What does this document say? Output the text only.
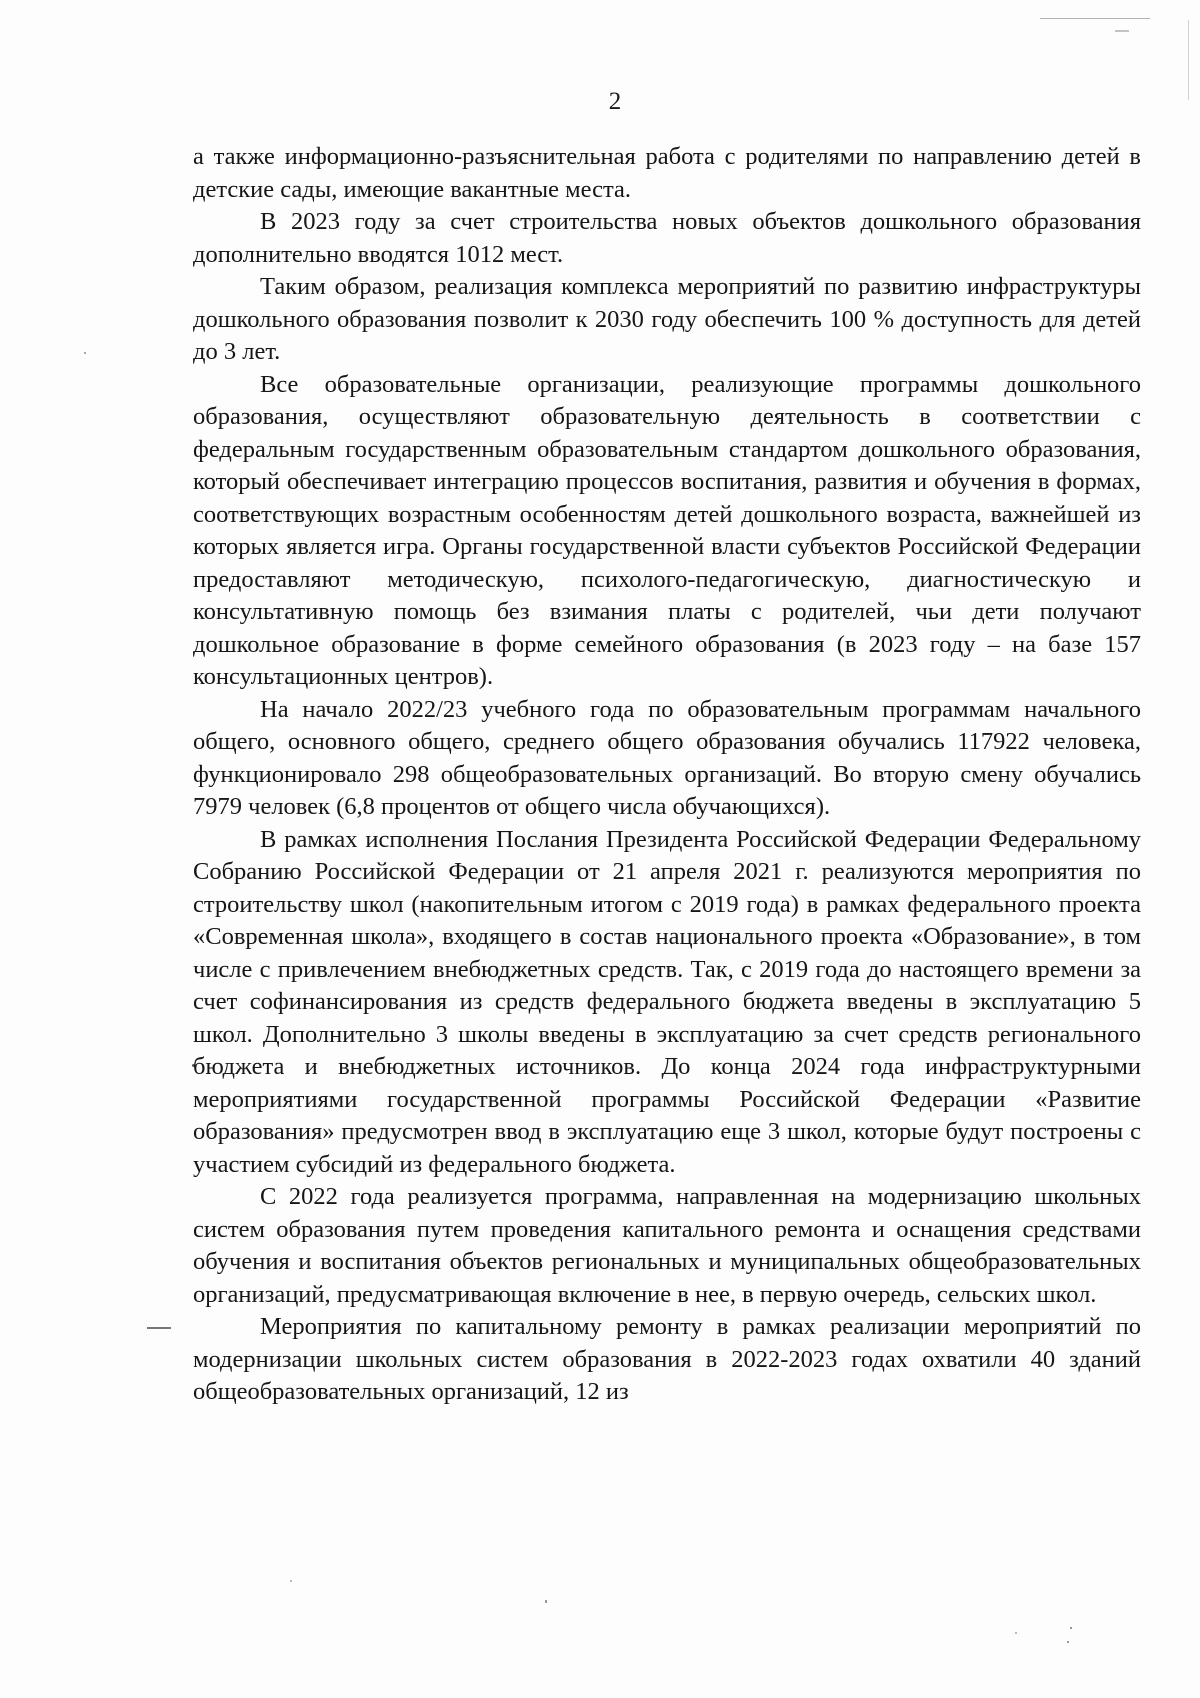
2

а также информационно-разъяснительная работа с родителями по направлению детей в детские сады, имеющие вакантные места.

В 2023 году за счет строительства новых объектов дошкольного образования дополнительно вводятся 1012 мест.

Таким образом, реализация комплекса мероприятий по развитию инфраструктуры дошкольного образования позволит к 2030 году обеспечить 100 % доступность для детей до 3 лет.

Все образовательные организации, реализующие программы дошкольного образования, осуществляют образовательную деятельность в соответствии с федеральным государственным образовательным стандартом дошкольного образования, который обеспечивает интеграцию процессов воспитания, развития и обучения в формах, соответствующих возрастным особенностям детей дошкольного возраста, важнейшей из которых является игра. Органы государственной власти субъектов Российской Федерации предоставляют методическую, психолого-педагогическую, диагностическую и консультативную помощь без взимания платы с родителей, чьи дети получают дошкольное образование в форме семейного образования (в 2023 году – на базе 157 консультационных центров).

На начало 2022/23 учебного года по образовательным программам начального общего, основного общего, среднего общего образования обучались 117922 человека, функционировало 298 общеобразовательных организаций. Во вторую смену обучались 7979 человек (6,8 процентов от общего числа обучающихся).

В рамках исполнения Послания Президента Российской Федерации Федеральному Собранию Российской Федерации от 21 апреля 2021 г. реализуются мероприятия по строительству школ (накопительным итогом с 2019 года) в рамках федерального проекта «Современная школа», входящего в состав национального проекта «Образование», в том числе с привлечением внебюджетных средств. Так, с 2019 года до настоящего времени за счет софинансирования из средств федерального бюджета введены в эксплуатацию 5 школ. Дополнительно 3 школы введены в эксплуатацию за счет средств регионального бюджета и внебюджетных источников. До конца 2024 года инфраструктурными мероприятиями государственной программы Российской Федерации «Развитие образования» предусмотрен ввод в эксплуатацию еще 3 школ, которые будут построены с участием субсидий из федерального бюджета.

С 2022 года реализуется программа, направленная на модернизацию школьных систем образования путем проведения капитального ремонта и оснащения средствами обучения и воспитания объектов региональных и муниципальных общеобразовательных организаций, предусматривающая включение в нее, в первую очередь, сельских школ.

Мероприятия по капитальному ремонту в рамках реализации мероприятий по модернизации школьных систем образования в 2022-2023 годах охватили 40 зданий общеобразовательных организаций, 12 из
